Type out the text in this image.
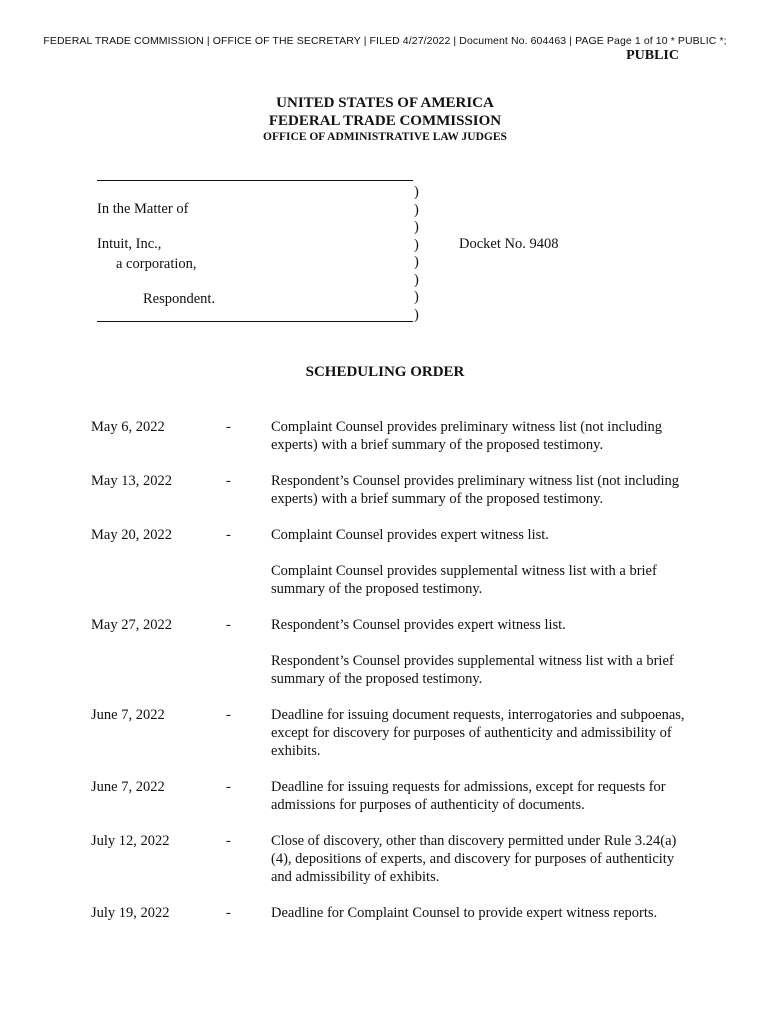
FEDERAL TRADE COMMISSION | OFFICE OF THE SECRETARY | FILED 4/27/2022 | Document No. 604463 | PAGE Page 1 of 10 * PUBLIC *;
PUBLIC
UNITED STATES OF AMERICA
FEDERAL TRADE COMMISSION
OFFICE OF ADMINISTRATIVE LAW JUDGES
)
)
)
)
)
)
)
)
In the Matter of
Intuit, Inc.,
a corporation,
Respondent.
Docket No. 9408
SCHEDULING ORDER
May 6, 2022	-	Complaint Counsel provides preliminary witness list (not including experts) with a brief summary of the proposed testimony.

May 13, 2022	-	Respondent’s Counsel provides preliminary witness list (not including experts) with a brief summary of the proposed testimony.

May 20, 2022	-	Complaint Counsel provides expert witness list.

Complaint Counsel provides supplemental witness list with a brief summary of the proposed testimony.

May 27, 2022	-	Respondent’s Counsel provides expert witness list.

Respondent’s Counsel provides supplemental witness list with a brief summary of the proposed testimony.

June 7, 2022	-	Deadline for issuing document requests, interrogatories and subpoenas, except for discovery for purposes of authenticity and admissibility of exhibits.

June 7, 2022	-	Deadline for issuing requests for admissions, except for requests for admissions for purposes of authenticity of documents.

July 12, 2022	-	Close of discovery, other than discovery permitted under Rule 3.24(a)(4), depositions of experts, and discovery for purposes of authenticity and admissibility of exhibits.

July 19, 2022	-	Deadline for Complaint Counsel to provide expert witness reports.
